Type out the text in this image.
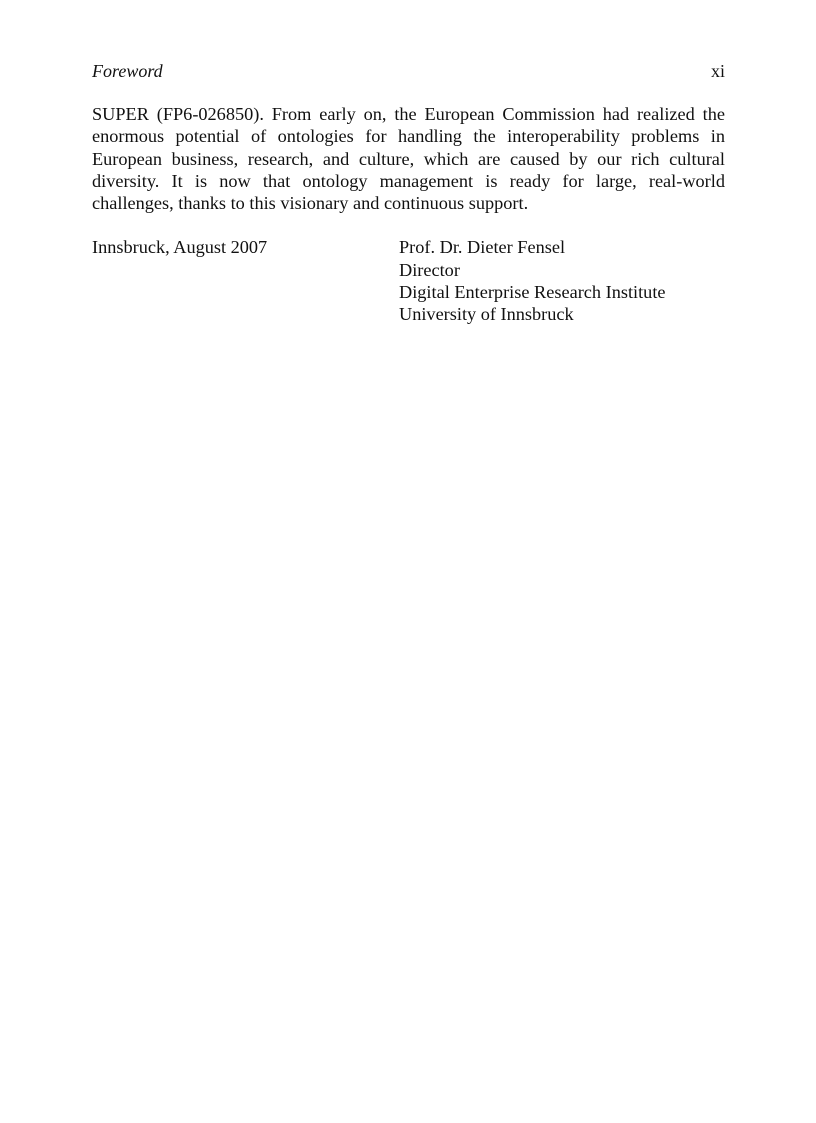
Foreword	xi

SUPER (FP6-026850). From early on, the European Commission had realized the enormous potential of ontologies for handling the interoperability problems in European business, research, and culture, which are caused by our rich cultural diversity. It is now that ontology management is ready for large, real-world challenges, thanks to this visionary and continuous support.

Innsbruck, August 2007	Prof. Dr. Dieter Fensel
Director
Digital Enterprise Research Institute
University of Innsbruck
